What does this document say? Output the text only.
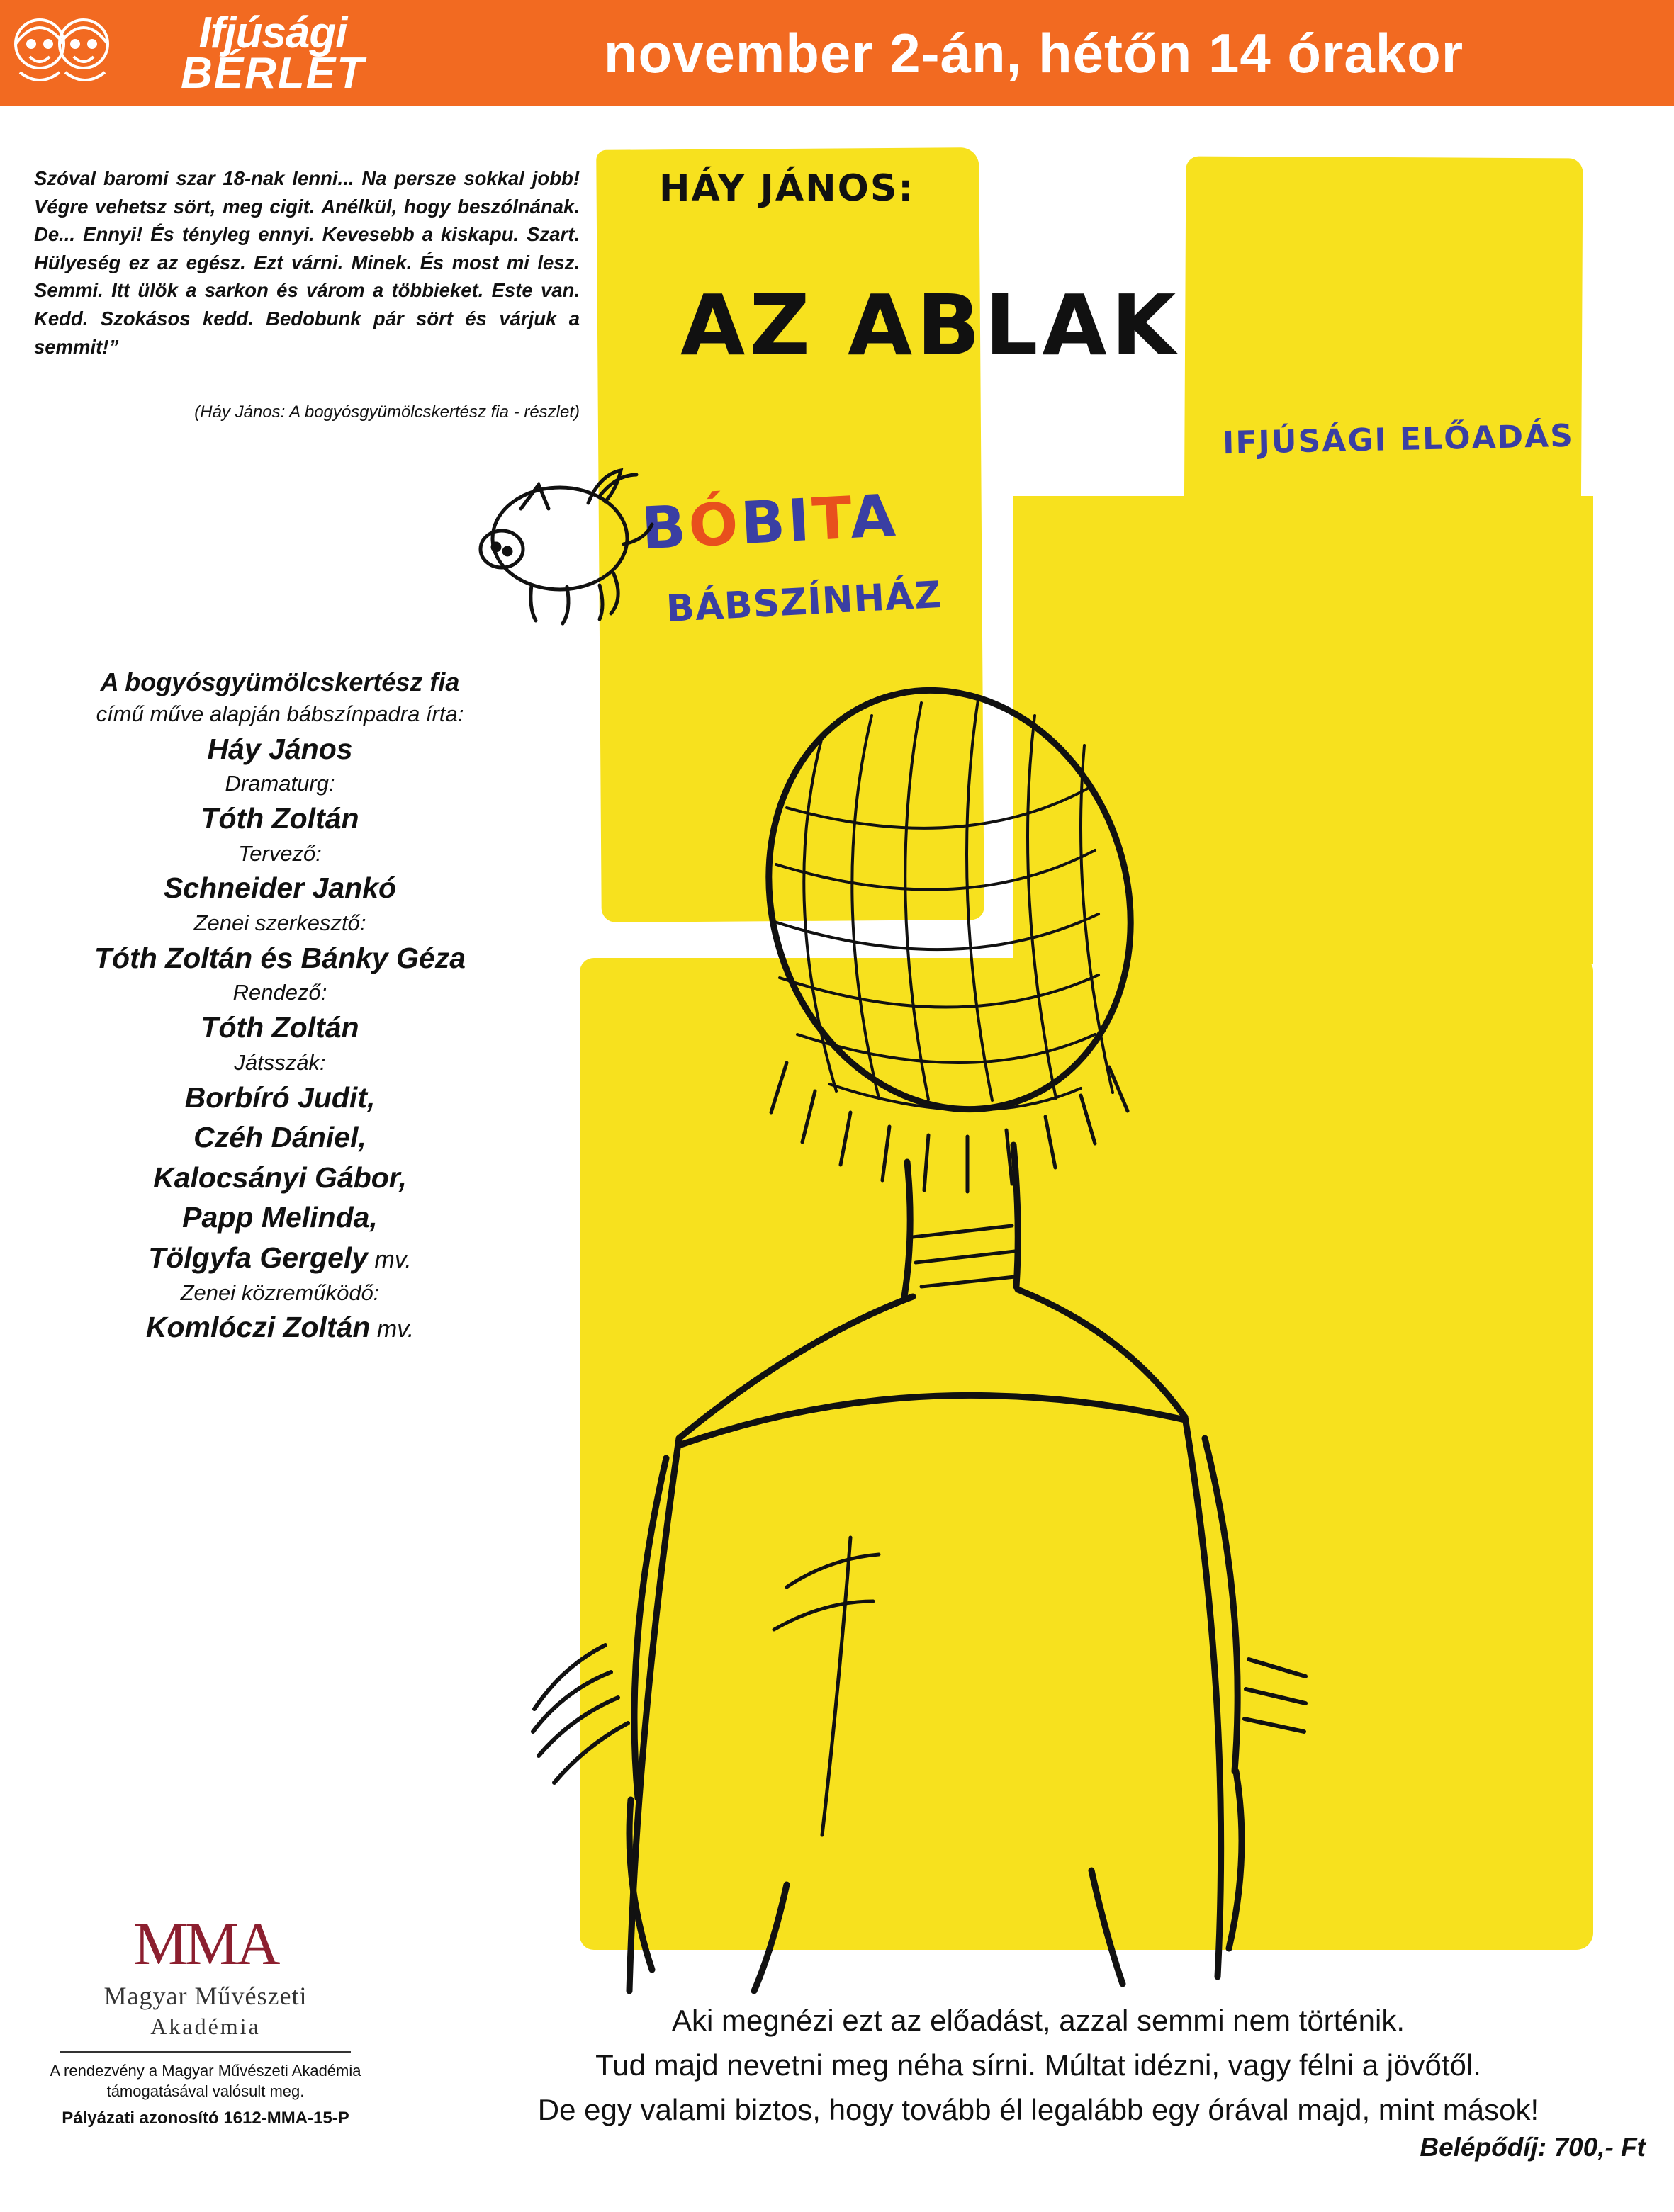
Ifjúsági
BÉRLET	november 2-án, hétőn 14 órakor
Szóval baromi szar 18-nak lenni... Na persze sokkal jobb! Végre vehetsz sört, meg cigit. Anélkül, hogy beszólnának. De... Ennyi! És tényleg ennyi. Kevesebb a kiskapu. Szart. Hülyeség ez az egész. Ezt várni. Minek. És most mi lesz. Semmi. Itt ülök a sarkon és várom a többieket. Este van. Kedd. Szokásos kedd. Bedobunk pár sört és várjuk a semmit!”
(Háy János: A bogyósgyümölcskertész fia - részlet)
HÁY JÁNOS:
AZ ABLAK
IFJÚSÁGI ELŐADÁS
BÓBITA
BÁBSZÍNHÁZ
A bogyósgyümölcskertész fia
című műve alapján bábszínpadra írta:
Háy János
Dramaturg:
Tóth Zoltán
Tervező:
Schneider Jankó
Zenei szerkesztő:
Tóth Zoltán és Bánky Géza
Rendező:
Tóth Zoltán
Játsszák:
Borbíró Judit,
Czéh Dániel,
Kalocsányi Gábor,
Papp Melinda,
Tölgyfa Gergely mv.
Zenei közreműködő:
Komlóczi Zoltán mv.
Aki megnézi ezt az előadást, azzal semmi nem történik.
Tud majd nevetni meg néha sírni. Múltat idézni, vagy félni a jövőtől.
De egy valami biztos, hogy tovább él legalább egy órával majd, mint mások!
Belépődíj: 700,- Ft
MMA
Magyar Művészeti
Akadémia
A rendezvény a Magyar Művészeti Akadémia támogatásával valósult meg.
Pályázati azonosító 1612-MMA-15-P
